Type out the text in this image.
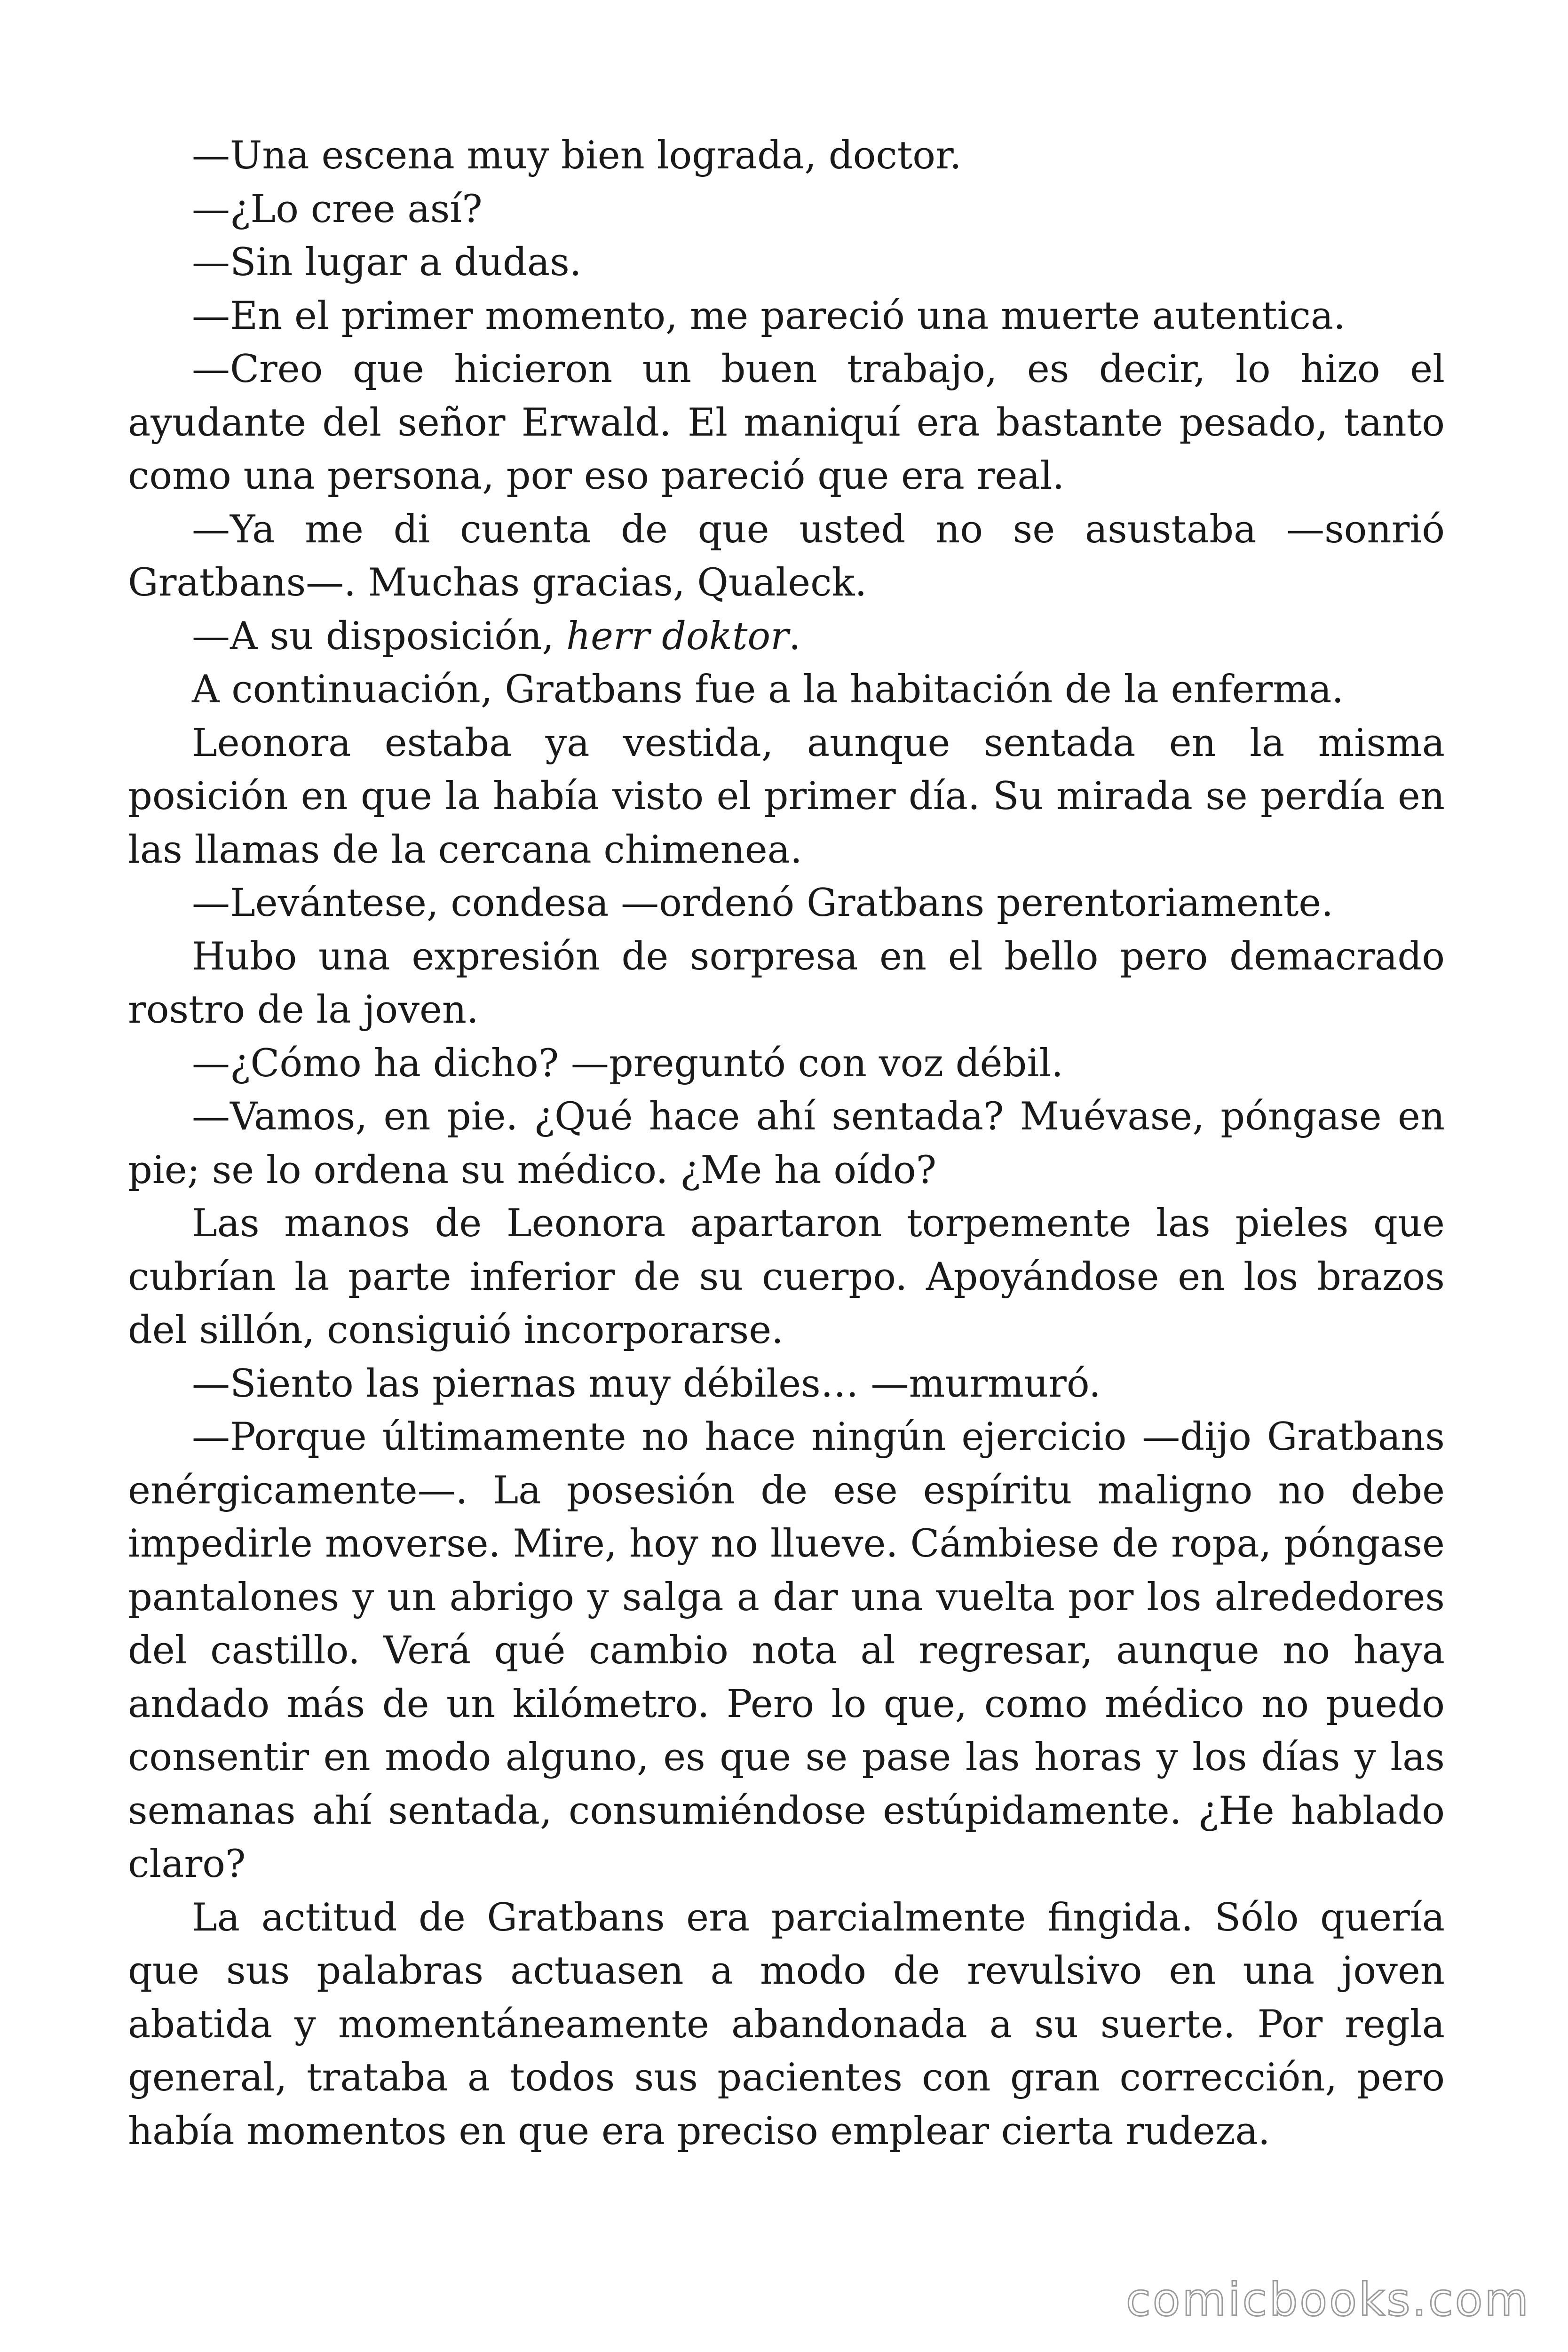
—Una escena muy bien lograda, doctor.

—¿Lo cree así?

—Sin lugar a dudas.

—En el primer momento, me pareció una muerte autentica.

—Creo que hicieron un buen trabajo, es decir, lo hizo el ayudante del señor Erwald. El maniquí era bastante pesado, tanto como una persona, por eso pareció que era real.

—Ya me di cuenta de que usted no se asustaba —sonrió Gratbans—. Muchas gracias, Qualeck.

—A su disposición, herr doktor.

A continuación, Gratbans fue a la habitación de la enferma.

Leonora estaba ya vestida, aunque sentada en la misma posición en que la había visto el primer día. Su mirada se perdía en las llamas de la cercana chimenea.

—Levántese, condesa —ordenó Gratbans perentoriamente.

Hubo una expresión de sorpresa en el bello pero demacrado rostro de la joven.

—¿Cómo ha dicho? —preguntó con voz débil.

—Vamos, en pie. ¿Qué hace ahí sentada? Muévase, póngase en pie; se lo ordena su médico. ¿Me ha oído?

Las manos de Leonora apartaron torpemente las pieles que cubrían la parte inferior de su cuerpo. Apoyándose en los brazos del sillón, consiguió incorporarse.

—Siento las piernas muy débiles… —murmuró.

—Porque últimamente no hace ningún ejercicio —dijo Gratbans enérgicamente—. La posesión de ese espíritu maligno no debe impedirle moverse. Mire, hoy no llueve. Cámbiese de ropa, póngase pantalones y un abrigo y salga a dar una vuelta por los alrededores del castillo. Verá qué cambio nota al regresar, aunque no haya andado más de un kilómetro. Pero lo que, como médico no puedo consentir en modo alguno, es que se pase las horas y los días y las semanas ahí sentada, consumiéndose estúpidamente. ¿He hablado claro?

La actitud de Gratbans era parcialmente fingida. Sólo quería que sus palabras actuasen a modo de revulsivo en una joven abatida y momentáneamente abandonada a su suerte. Por regla general, trataba a todos sus pacientes con gran corrección, pero había momentos en que era preciso emplear cierta rudeza.

comicbooks.com
